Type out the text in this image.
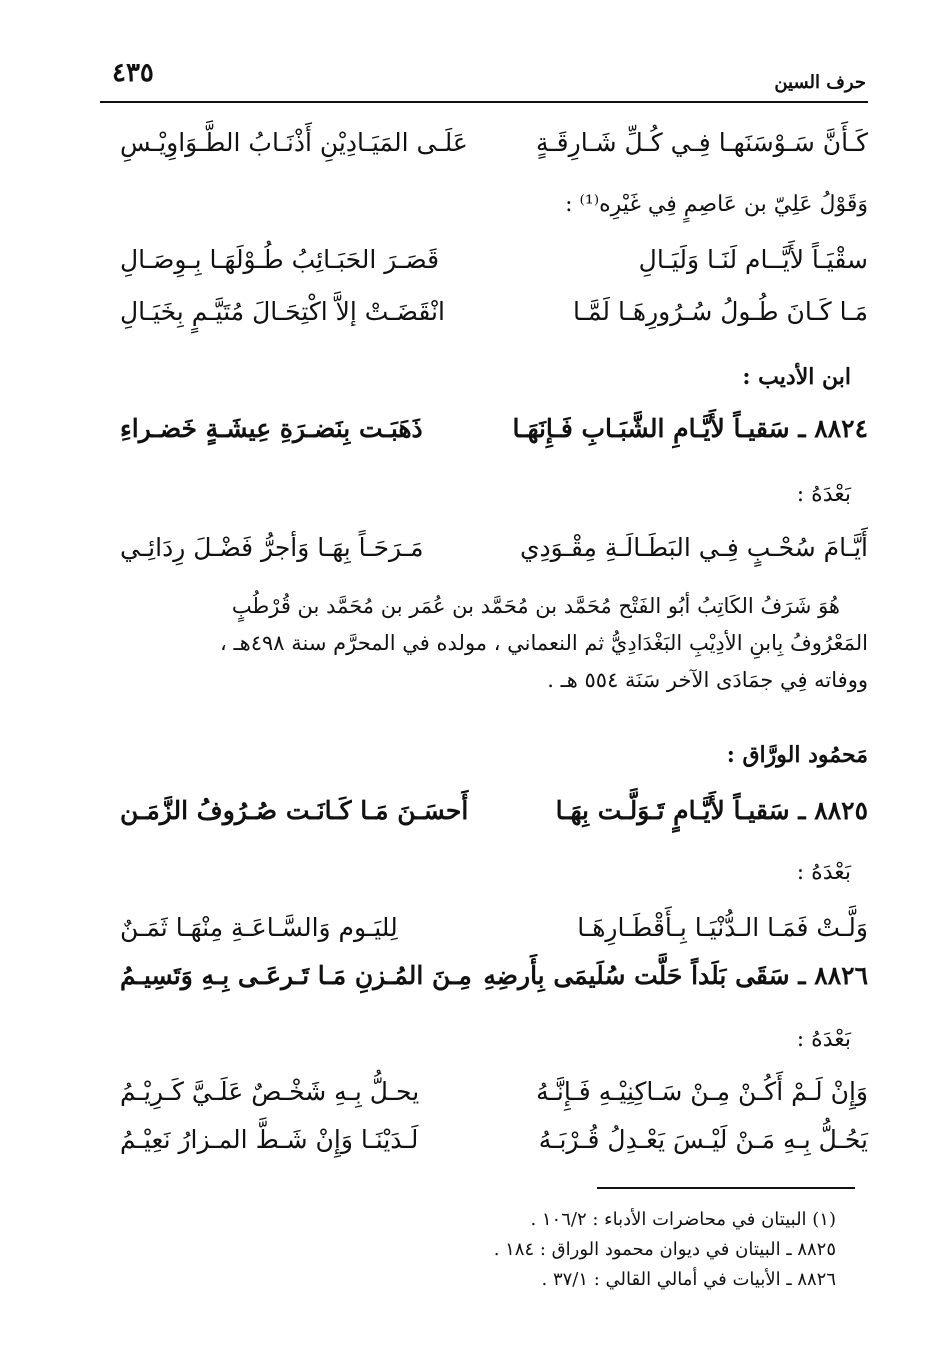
حرف السين
٤٣٥
كَـأَنَّ سَـوْسَنَهـا فِـي كُـلِّ شَـارِقَـةٍ
عَلَـى المَيَـادِيْنِ أَذْنَـابُ الطَّـوَاوِيْـسِ
وَقَوْلُ عَلِيّ بن عَاصِمٍ فِي غَيْرِه⁽¹⁾ :
سقْيَـاً لأَيَّــام لَنَـا وَلَيَـالِ
قَصَـرَ الحَبَـائِبُ طُـوْلَهَـا بِـوِصَـالِ
مَـا كَـانَ طُـولُ سُـرُورِهَـا لَمَّـا
انْقَضَـتْ إلاَّ اكْتِحَـالَ مُتَيَّـمٍ بِخَيَـالِ
ابن الأديب :
٨٨٢٤ ـ سَقيـاً لأَيَّـامِ الشَّبَـابِ فَـإِنَهَـا
ذَهَبَـت بِنَضـرَةِ عِيشَـةٍ خَضـراءِ
بَعْدَهُ :
أَيَّـامَ سُحْـبٍ فِـي البَطَـالَـةِ مِقْـوَدِي
مَـرَحَـاً بِهَـا وَأجرُّ فَضْـلَ رِدَائِـي

هُوَ شَرَفُ الكَاتِبُ أبُو الفَتْح مُحَمَّد بن مُحَمَّد بن عُمَر بن مُحَمَّد بن قُرْطُبٍ

المَعْرُوفُ بِابنِ الأدِيْبِ البَغْدَادِيُّ ثم النعماني ، مولده في المحرَّم سنة ٤٩٨هـ ،

ووفاته فِي جمَادَى الآخر سَنَة ٥٥٤ هـ .

مَحمُود الورَّاق :
٨٨٢٥ ـ سَقيـاً لأَيَّـامٍ تَـوَلَّـت بِهَـا
أَحسَـنَ مَـا كَـانَـت صُـرُوفُ الزَّمَـن
بَعْدَهُ :
وَلَّـتْ فَمَـا الـدُّنْيَـا بِـأَقْطَـارِهَـا
لِليَـوم وَالسَّـاعَـةِ مِنْهَـا ثَمَـنٌ
٨٨٢٦ ـ سَقَى بَلَداً حَلَّت سُلَيمَى بِأَرضِهِ
مِـنَ المُـزنِ مَـا تَـرعَـى بِـهِ وَتَسِيـمُ
بَعْدَهُ :
وَإِنْ لَـمْ أَكُـنْ مِـنْ سَـاكِنِيْـهِ فَـإِنَّـهُ
يحـلُّ بِـهِ شَخْـصٌ عَلَـيَّ كَـرِيْـمُ
يَحُـلُّ بِـهِ مَـنْ لَيْـسَ يَعْـدِلُ قُـرْبَـهُ
لَـدَيْنَـا وَإِنْ شَـطَّ المـزارُ نَعِيْـمُ
(١) البيتان في محاضرات الأدباء : ١٠٦/٢ .
٨٨٢٥ ـ البيتان في ديوان محمود الوراق : ١٨٤ .
٨٨٢٦ ـ الأبيات في أمالي القالي : ٣٧/١ .
